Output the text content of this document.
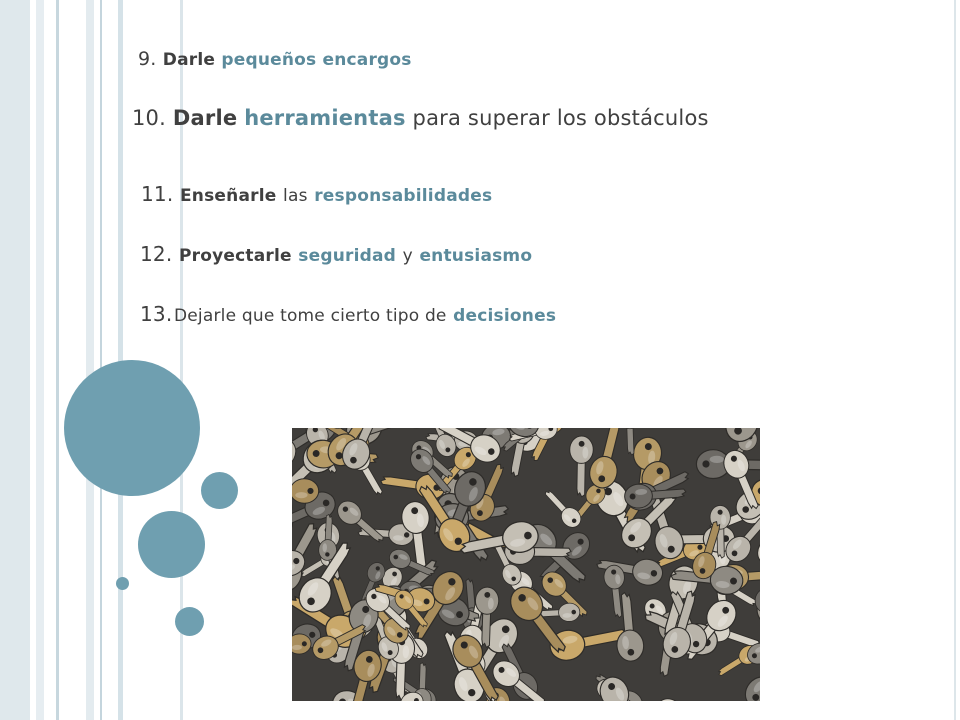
9. Darle pequeños encargos
10. Darle herramientas para superar los obstáculos
11. Enseñarle las responsabilidades
12. Proyectarle seguridad y entusiasmo
13. Dejarle que tome cierto tipo de decisiones
